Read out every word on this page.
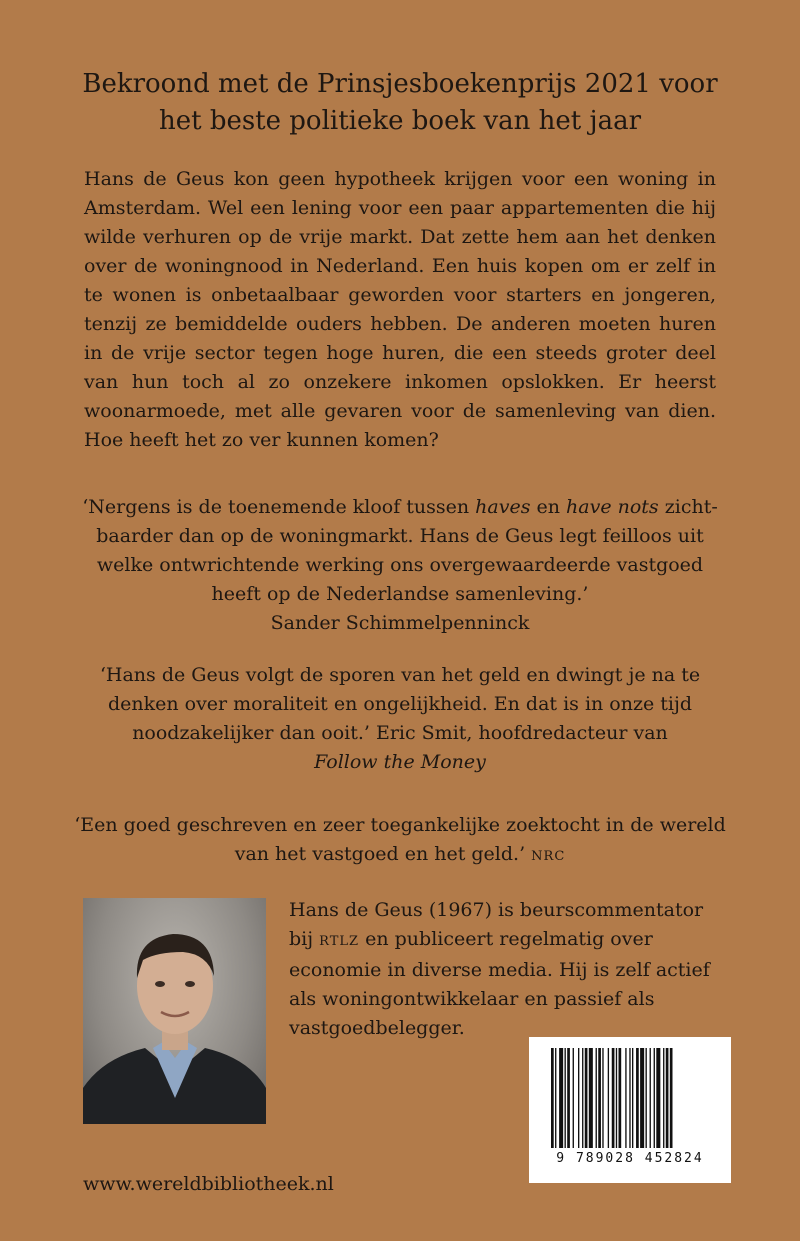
Bekroond met de Prinsjesboekenprijs 2021 voor
het beste politieke boek van het jaar

Hans de Geus kon geen hypotheek krijgen voor een woning in Amsterdam. Wel een lening voor een paar appartementen die hij wilde verhuren op de vrije markt. Dat zette hem aan het denken over de woningnood in Nederland. Een huis kopen om er zelf in te wonen is onbetaalbaar geworden voor starters en jongeren, tenzij ze bemiddelde ouders hebben. De anderen moeten huren in de vrije sector tegen hoge huren, die een steeds groter deel van hun toch al zo onzekere inkomen opslokken. Er heerst woonarmoede, met alle gevaren voor de samenleving van dien. Hoe heeft het zo ver kunnen komen?

‘Nergens is de toenemende kloof tussen haves en have nots zicht-
baarder dan op de woningmarkt. Hans de Geus legt feilloos uit
welke ontwrichtende werking ons overgewaardeerde vastgoed
heeft op de Nederlandse samenleving.’
Sander Schimmelpenninck
‘Hans de Geus volgt de sporen van het geld en dwingt je na te
denken over moraliteit en ongelijkheid. En dat is in onze tijd
noodzakelijker dan ooit.’ Eric Smit, hoofdredacteur van
Follow the Money
‘Een goed geschreven en zeer toegankelijke zoektocht in de wereld
van het vastgoed en het geld.’ NRC
Hans de Geus (1967) is beurscommentator
bij RTLZ en publiceert regelmatig over
economie in diverse media. Hij is zelf actief
als woningontwikkelaar en passief als
vastgoedbelegger.
9 789028 452824
www.wereldbibliotheek.nl
